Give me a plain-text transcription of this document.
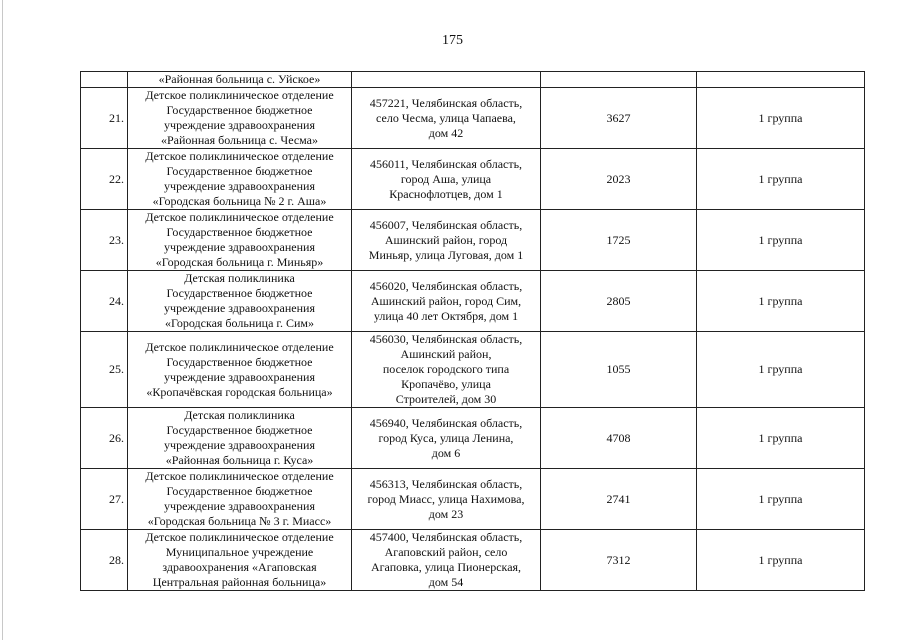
175
	«Районная больница с. Уйское»			
21.	Детское поликлиническое отделение
Государственное бюджетное
учреждение здравоохранения
«Районная больница с. Чесма»	457221, Челябинская область,
село Чесма, улица Чапаева,
дом 42	3627	1 группа
22.	Детское поликлиническое отделение
Государственное бюджетное
учреждение здравоохранения
«Городская больница № 2 г. Аша»	456011, Челябинская область,
город Аша, улица
Краснофлотцев, дом 1	2023	1 группа
23.	Детское поликлиническое отделение
Государственное бюджетное
учреждение здравоохранения
«Городская больница г. Миньяр»	456007, Челябинская область,
Ашинский район, город
Миньяр, улица Луговая, дом 1	1725	1 группа
24.	Детская поликлиника
Государственное бюджетное
учреждение здравоохранения
«Городская больница г. Сим»	456020, Челябинская область,
Ашинский район, город Сим,
улица 40 лет Октября, дом 1	2805	1 группа
25.	Детское поликлиническое отделение
Государственное бюджетное
учреждение здравоохранения
«Кропачёвская городская больница»	456030, Челябинская область,
Ашинский район,
поселок городского типа
Кропачёво, улица
Строителей, дом 30	1055	1 группа
26.	Детская поликлиника
Государственное бюджетное
учреждение здравоохранения
«Районная больница г. Куса»	456940, Челябинская область,
город Куса, улица Ленина,
дом 6	4708	1 группа
27.	Детское поликлиническое отделение
Государственное бюджетное
учреждение здравоохранения
«Городская больница № 3 г. Миасс»	456313, Челябинская область,
город Миасс, улица Нахимова,
дом 23	2741	1 группа
28.	Детское поликлиническое отделение
Муниципальное учреждение
здравоохранения «Агаповская
Центральная районная больница»	457400, Челябинская область,
Агаповский район, село
Агаповка, улица Пионерская,
дом 54	7312	1 группа
